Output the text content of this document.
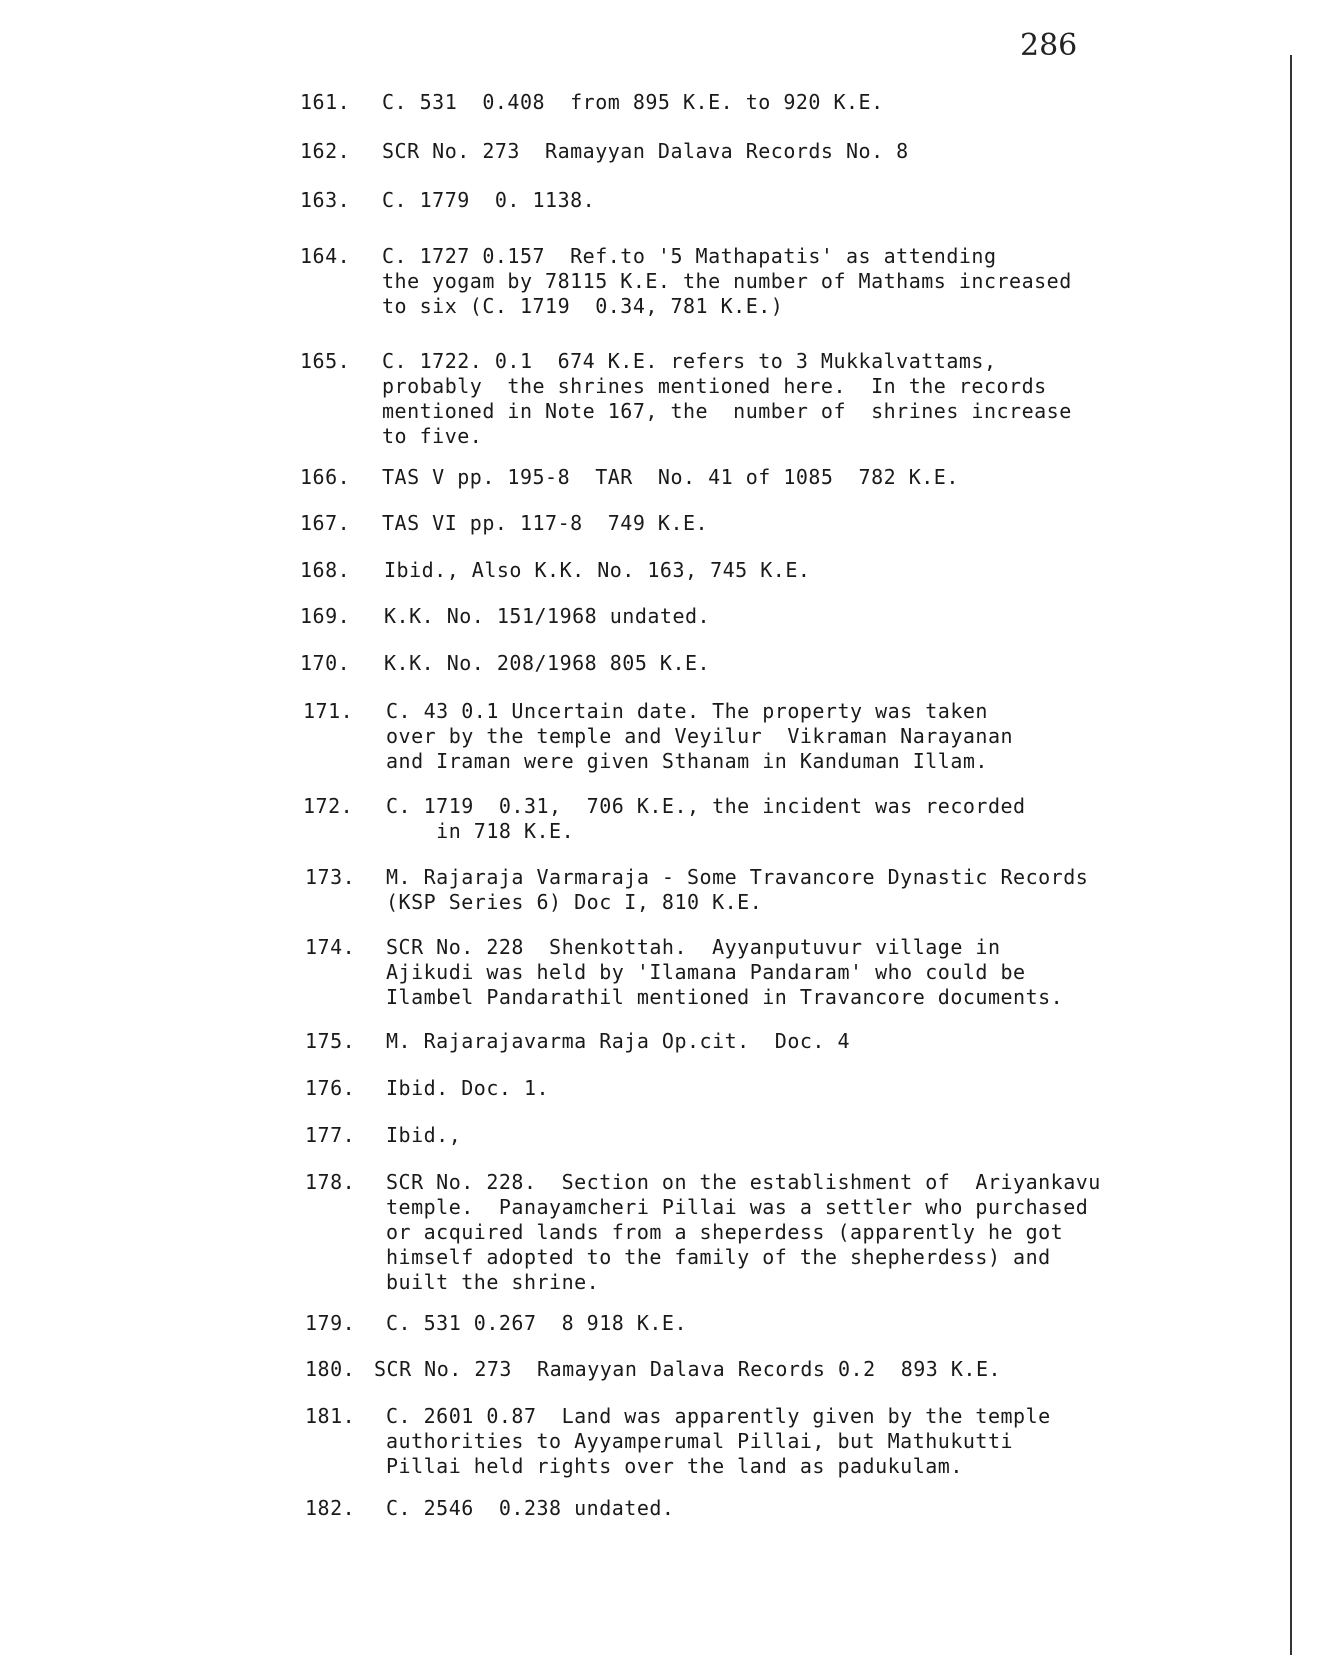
286
161. C. 531  0.408  from 895 K.E. to 920 K.E.
162. SCR No. 273  Ramayyan Dalava Records No. 8
163. C. 1779  0. 1138.
164. C. 1727 0.157  Ref.to '5 Mathapatis' as attending
the yogam by 78115 K.E. the number of Mathams increased
to six (C. 1719  0.34, 781 K.E.)
165. C. 1722. 0.1  674 K.E. refers to 3 Mukkalvattams,
probably  the shrines mentioned here.  In the records
mentioned in Note 167, the  number of  shrines increase
to five.
166. TAS V pp. 195-8  TAR  No. 41 of 1085  782 K.E.
167. TAS VI pp. 117-8  749 K.E.
168. Ibid., Also K.K. No. 163, 745 K.E.
169. K.K. No. 151/1968 undated.
170. K.K. No. 208/1968 805 K.E.
171. C. 43 0.1 Uncertain date. The property was taken
over by the temple and Veyilur  Vikraman Narayanan
and Iraman were given Sthanam in Kanduman Illam.
172. C. 1719  0.31,  706 K.E., the incident was recorded
in 718 K.E.
173. M. Rajaraja Varmaraja - Some Travancore Dynastic Records
(KSP Series 6) Doc I, 810 K.E.
174. SCR No. 228  Shenkottah.  Ayyanputuvur village in
Ajikudi was held by 'Ilamana Pandaram' who could be
Ilambel Pandarathil mentioned in Travancore documents.
175. M. Rajarajavarma Raja Op.cit.  Doc. 4
176. Ibid. Doc. 1.
177. Ibid.,
178. SCR No. 228.  Section on the establishment of  Ariyankavu
temple.  Panayamcheri Pillai was a settler who purchased
or acquired lands from a sheperdess (apparently he got
himself adopted to the family of the shepherdess) and
built the shrine.
179. C. 531 0.267  8 918 K.E.
180. SCR No. 273  Ramayyan Dalava Records 0.2  893 K.E.
181. C. 2601 0.87  Land was apparently given by the temple
authorities to Ayyamperumal Pillai, but Mathukutti
Pillai held rights over the land as padukulam.
182. C. 2546  0.238 undated.
